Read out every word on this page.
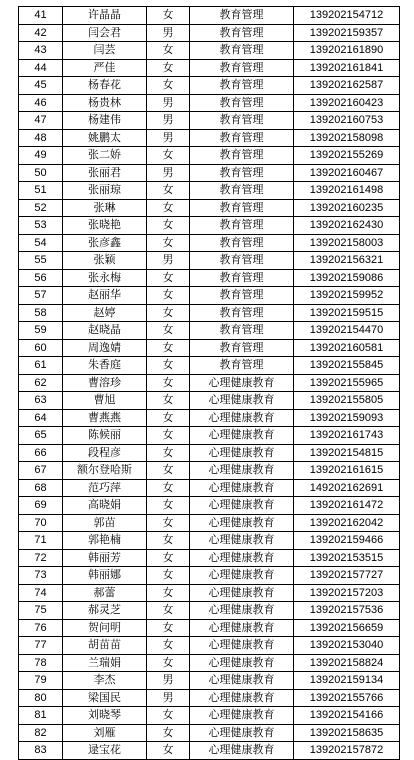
41	许晶晶	女	教育管理	139202154712
42	闫会君	男	教育管理	139202159357
43	闫芸	女	教育管理	139202161890
44	严佳	女	教育管理	139202161841
45	杨春花	女	教育管理	139202162587
46	杨贵林	男	教育管理	139202160423
47	杨建伟	男	教育管理	139202160753
48	姚鹏太	男	教育管理	139202158098
49	张二娇	女	教育管理	139202155269
50	张丽君	男	教育管理	139202160467
51	张丽琼	女	教育管理	139202161498
52	张琳	女	教育管理	139202160235
53	张晓艳	女	教育管理	139202162430
54	张彦鑫	女	教育管理	139202158003
55	张颖	男	教育管理	139202156321
56	张永梅	女	教育管理	139202159086
57	赵丽华	女	教育管理	139202159952
58	赵婷	女	教育管理	139202159515
59	赵晓晶	女	教育管理	139202154470
60	周逸婧	女	教育管理	139202160581
61	朱香庭	女	教育管理	139202155845
62	曹溶珍	女	心理健康教育	139202155965
63	曹旭	女	心理健康教育	139202155805
64	曹燕燕	女	心理健康教育	139202159093
65	陈候丽	女	心理健康教育	139202161743
66	段程彦	女	心理健康教育	139202154815
67	额尔登哈斯	女	心理健康教育	139202161615
68	范巧萍	女	心理健康教育	149202162691
69	高晓娟	女	心理健康教育	139202161472
70	郭苗	女	心理健康教育	139202162042
71	郭艳楠	女	心理健康教育	139202159466
72	韩丽芳	女	心理健康教育	139202153515
73	韩丽娜	女	心理健康教育	139202157727
74	郝蕾	女	心理健康教育	139202157203
75	郝灵芝	女	心理健康教育	139202157536
76	贺问明	女	心理健康教育	139202156659
77	胡苗苗	女	心理健康教育	139202153040
78	兰瑞娟	女	心理健康教育	139202158824
79	李杰	男	心理健康教育	139202159134
80	梁国民	男	心理健康教育	139202155766
81	刘晓琴	女	心理健康教育	139202154166
82	刘雁	女	心理健康教育	139202158635
83	逯宝花	女	心理健康教育	139202157872
